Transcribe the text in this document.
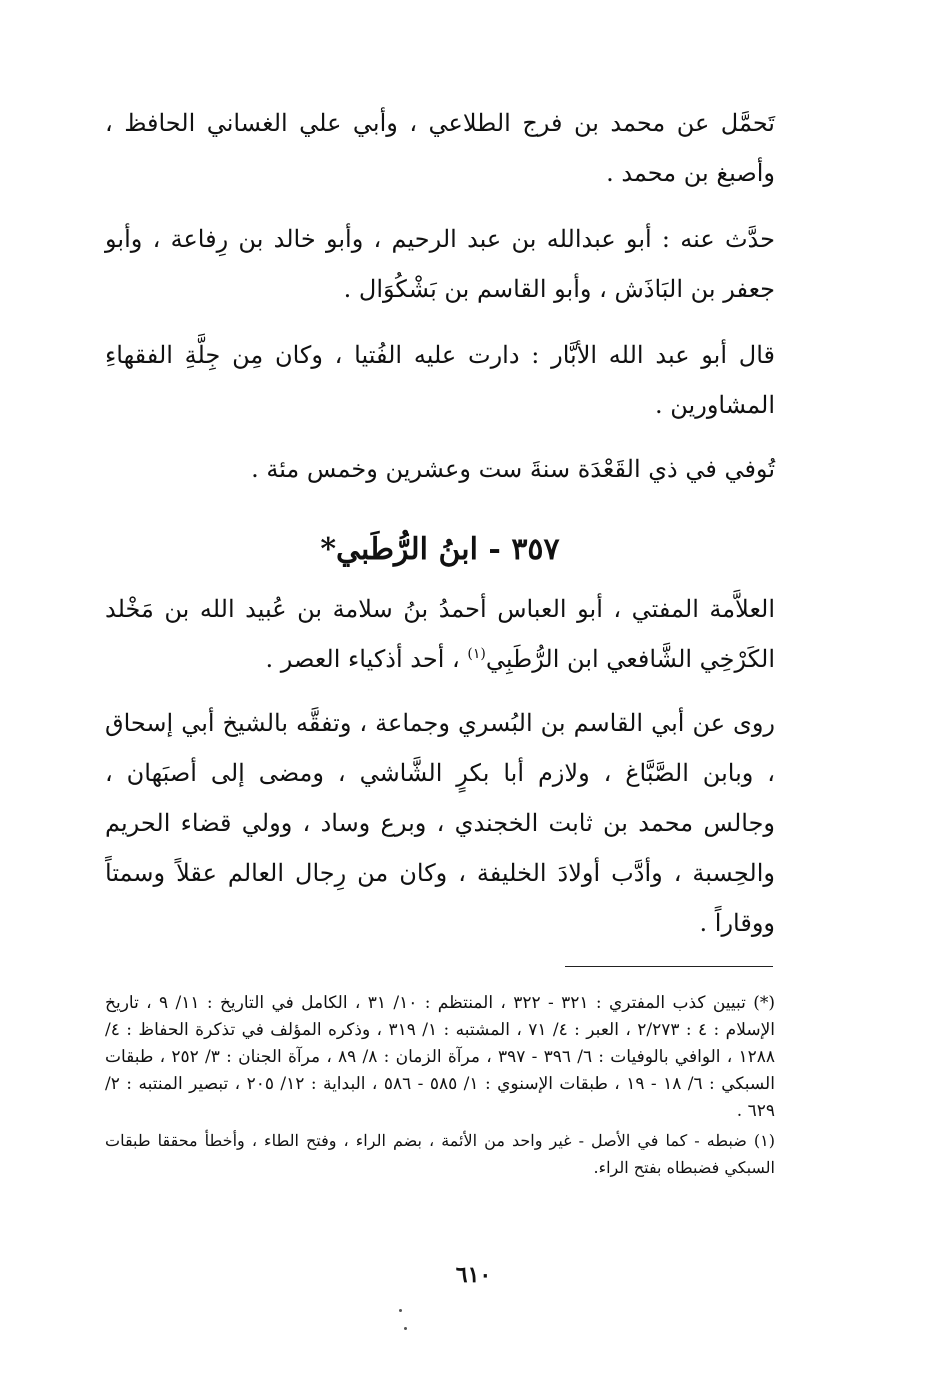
تَحمَّل عن محمد بن فرج الطلاعي ، وأبي علي الغساني الحافظ ، وأصبغ بن محمد .

حدَّث عنه : أبو عبدالله بن عبد الرحيم ، وأبو خالد بن رِفاعة ، وأبو جعفر بن البَاذَش ، وأبو القاسم بن بَشْكُوَال .

قال أبو عبد الله الأبَّار : دارت عليه الفُتيا ، وكان مِن جِلَّةِ الفقهاءِ المشاورين .

تُوفي في ذي القَعْدَة سنةَ ست وعشرين وخمس مئة .

٣٥٧ - ابنُ الرُّطَبي*

العلاَّمة المفتي ، أبو العباس أحمدُ بنُ سلامة بن عُبيد الله بن مَخْلد الكَرْخِي الشَّافعي ابن الرُّطَبِي$^{(١)}$ ، أحد أذكياء العصر .

روى عن أبي القاسم بن البُسري وجماعة ، وتفقَّه بالشيخ أبي إسحاق ، وبابن الصَّبَّاغ ، ولازم أبا بكرٍ الشَّاشي ، ومضى إلى أصبَهان ، وجالس محمد بن ثابت الخجندي ، وبرع وساد ، وولي قضاء الحريم والحِسبة ، وأدَّب أولادَ الخليفة ، وكان من رِجال العالم عقلاً وسمتاً ووقاراً .

(*) تبيين كذب المفتري : ٣٢١ - ٣٢٢ ، المنتظم : ١٠/ ٣١ ، الكامل في التاريخ : ١١/ ٩ ، تاريخ الإسلام : ٤ : ٢/٢٧٣ ، العبر : ٤/ ٧١ ، المشتبه : ١/ ٣١٩ ، وذكره المؤلف في تذكرة الحفاظ : ٤/ ١٢٨٨ ، الوافي بالوفيات : ٦/ ٣٩٦ - ٣٩٧ ، مرآة الزمان : ٨/ ٨٩ ، مرآة الجنان : ٣/ ٢٥٢ ، طبقات السبكي : ٦/ ١٨ - ١٩ ، طبقات الإسنوي : ١/ ٥٨٥ - ٥٨٦ ، البداية : ١٢/ ٢٠٥ ، تبصير المنتبه : ٢/ ٦٢٩ .

(١) ضبطه - كما في الأصل - غير واحد من الأئمة ، بضم الراء ، وفتح الطاء ، وأخطأ محققا طبقات السبكي فضبطاه بفتح الراء.

٦١٠
